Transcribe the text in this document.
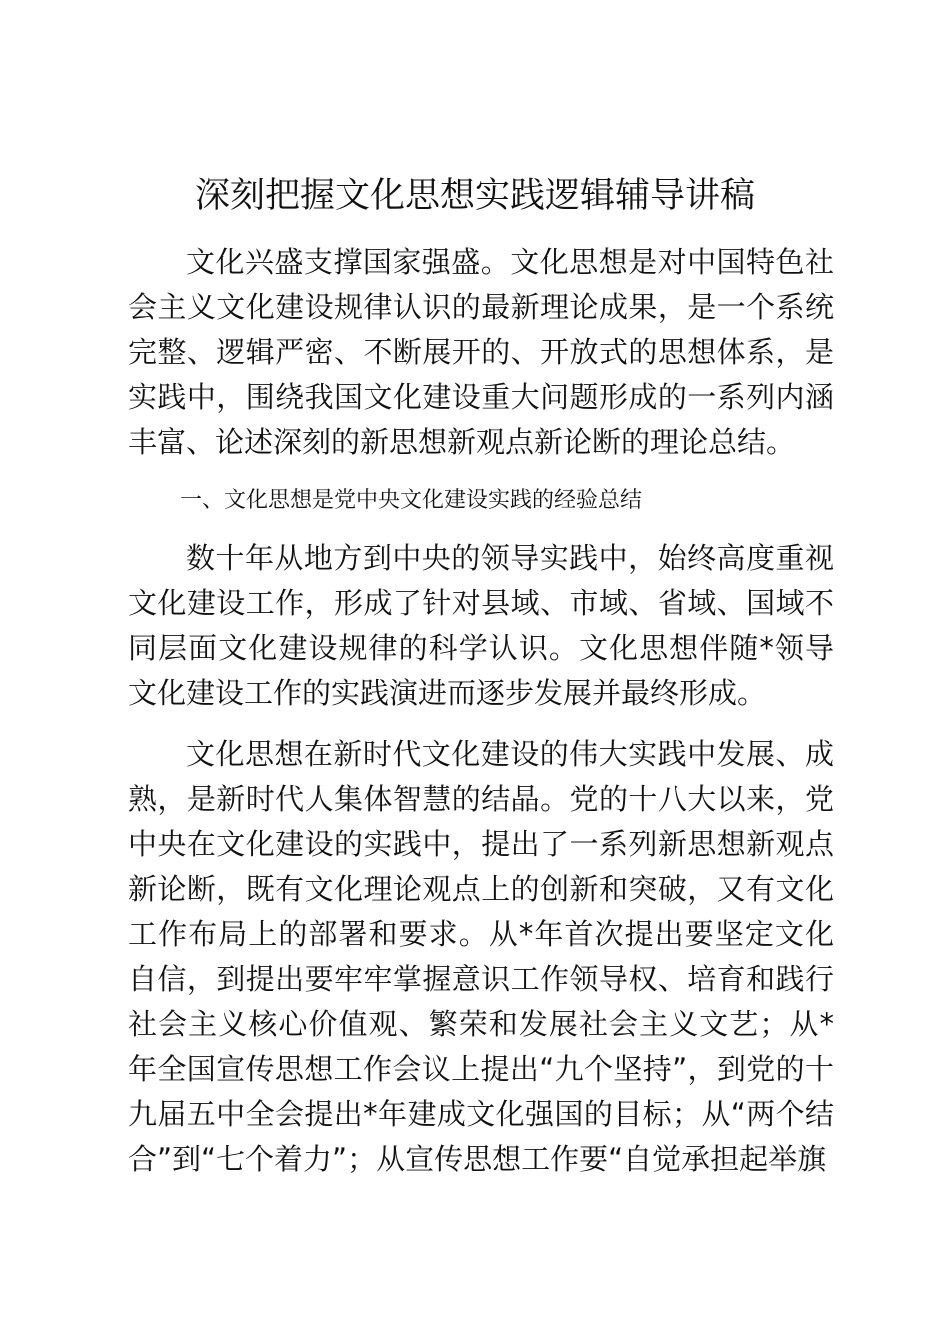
深刻把握文化思想实践逻辑辅导讲稿

文化兴盛支撑国家强盛。文化思想是对中国特色社会主义文化建设规律认识的最新理论成果，是一个系统完整、逻辑严密、不断展开的、开放式的思想体系，是实践中，围绕我国文化建设重大问题形成的一系列内涵丰富、论述深刻的新思想新观点新论断的理论总结。

一、文化思想是党中央文化建设实践的经验总结

数十年从地方到中央的领导实践中，始终高度重视文化建设工作，形成了针对县域、市域、省域、国域不同层面文化建设规律的科学认识。文化思想伴随*领导文化建设工作的实践演进而逐步发展并最终形成。

文化思想在新时代文化建设的伟大实践中发展、成熟，是新时代人集体智慧的结晶。党的十八大以来，党中央在文化建设的实践中，提出了一系列新思想新观点新论断，既有文化理论观点上的创新和突破，又有文化工作布局上的部署和要求。从*年首次提出要坚定文化自信，到提出要牢牢掌握意识工作领导权、培育和践行社会主义核心价值观、繁荣和发展社会主义文艺；从*年全国宣传思想工作会议上提出“九个坚持”，到党的十九届五中全会提出*年建成文化强国的目标；从“两个结合”到“七个着力”；从宣传思想工作要“自觉承担起举旗
